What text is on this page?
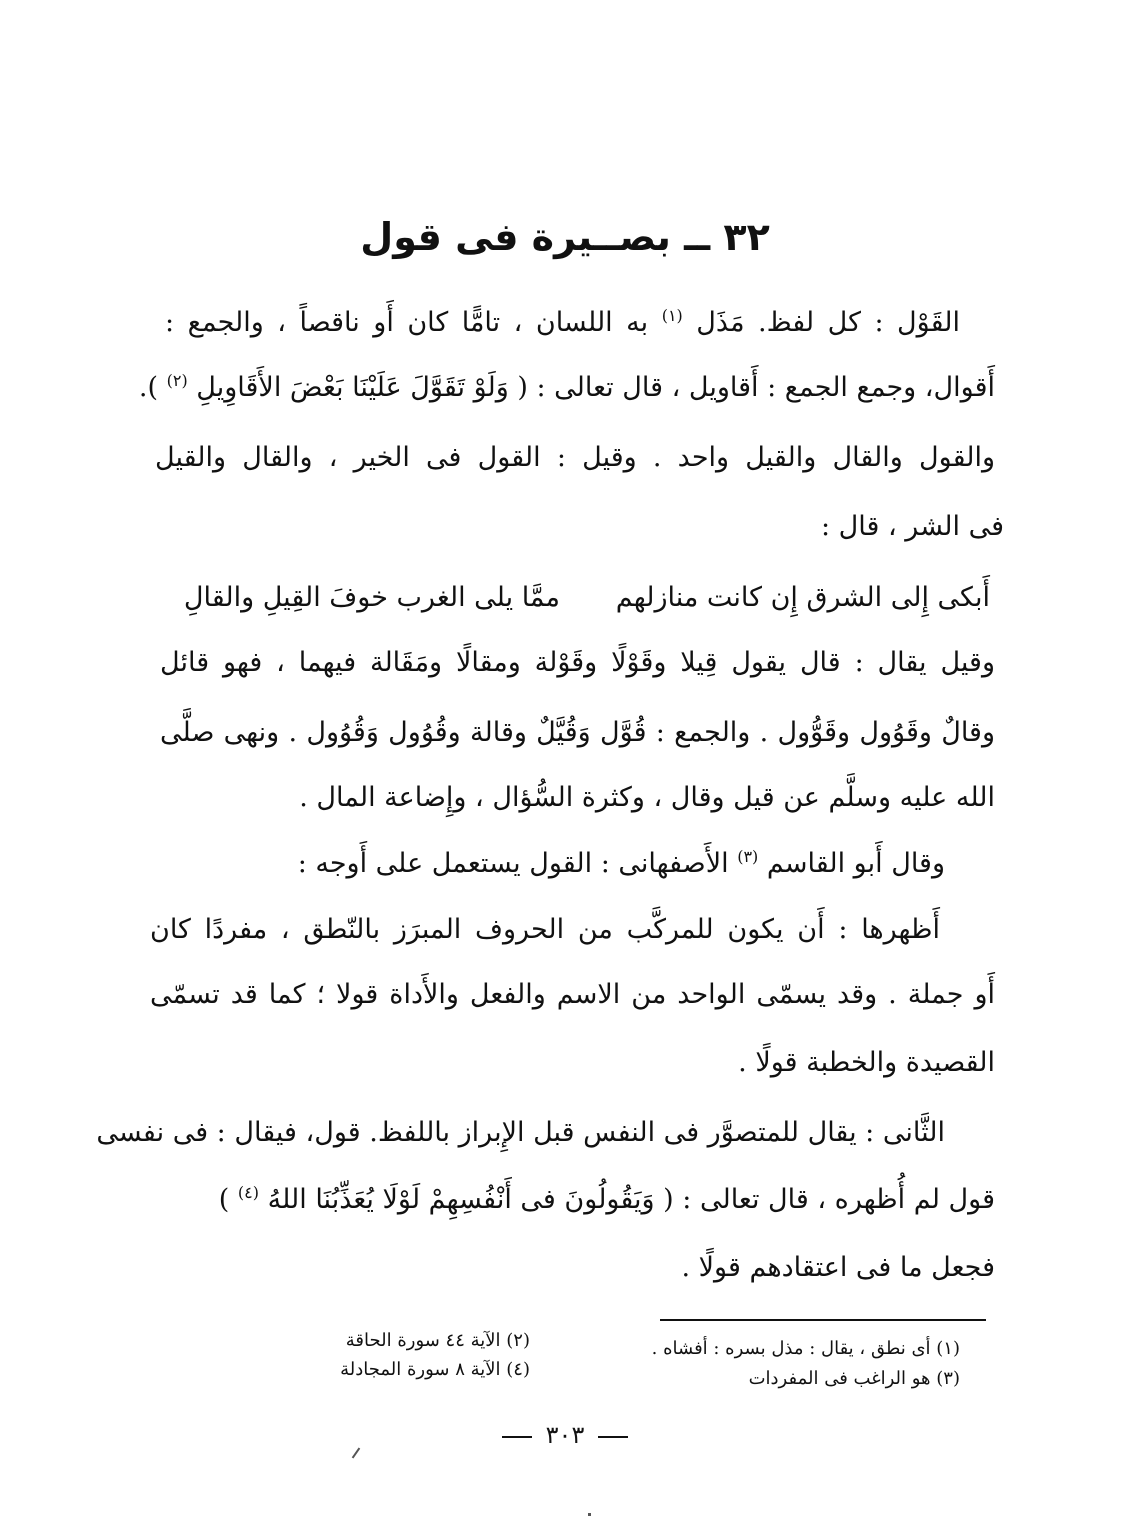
٣٢ ــ بصــيرة فى قول
القَوْل : كل لفظ. مَذَل $^{(١)}$ به اللسان ، تامًّا كان أَو ناقصاً ، والجمع :
أَقوال، وجمع الجمع : أَقاويل ، قال تعالى : ( وَلَوْ تَقَوَّلَ عَلَيْنَا بَعْضَ الأَقَاوِيلِ $^{(٢)}$ ).
والقول والقال والقيل واحد . وقيل : القول فى الخير ، والقال والقيل
فى الشر ، قال :
أَبكى إِلى الشرق إِن كانت منازلهم
ممَّا يلى الغرب خوفَ القِيلِ والقالِ
وقيل يقال : قال يقول قِيلا وقَوْلًا وقَوْلة ومقالًا ومَقَالة فيهما ، فهو قائل
وقالٌ وقَوُول وقَوُّول . والجمع : قُوَّل وَقُيَّلٌ وقالة وقُوُول وَقُوُول . ونهى صلَّى
الله عليه وسلَّم عن قيل وقال ، وكثرة السُّؤال ، وإِضاعة المال .
وقال أَبو القاسم $^{(٣)}$ الأَصفهانى : القول يستعمل على أَوجه :
أَظهرها : أَن يكون للمركَّب من الحروف المبرَز بالنّطق ، مفردًا كان
أَو جملة . وقد يسمّى الواحد من الاسم والفعل والأَداة قولا ؛ كما قد تسمّى
القصيدة والخطبة قولًا .
الثَّانى : يقال للمتصوَّر فى النفس قبل الإِبراز باللفظ. قول، فيقال : فى نفسى
قول لم أُظهره ، قال تعالى : ( وَيَقُولُونَ فى أَنْفُسِهِمْ لَوْلَا يُعَذِّبُنَا اللهُ $^{(٤)}$ )
فجعل ما فى اعتقادهم قولًا .
(١) أى نطق ، يقال : مذل بسره : أفشاه .
(٢) الآية ٤٤ سورة الحاقة
(٣) هو الراغب فى المفردات
(٤) الآية ٨ سورة المجادلة
٣٠٣
